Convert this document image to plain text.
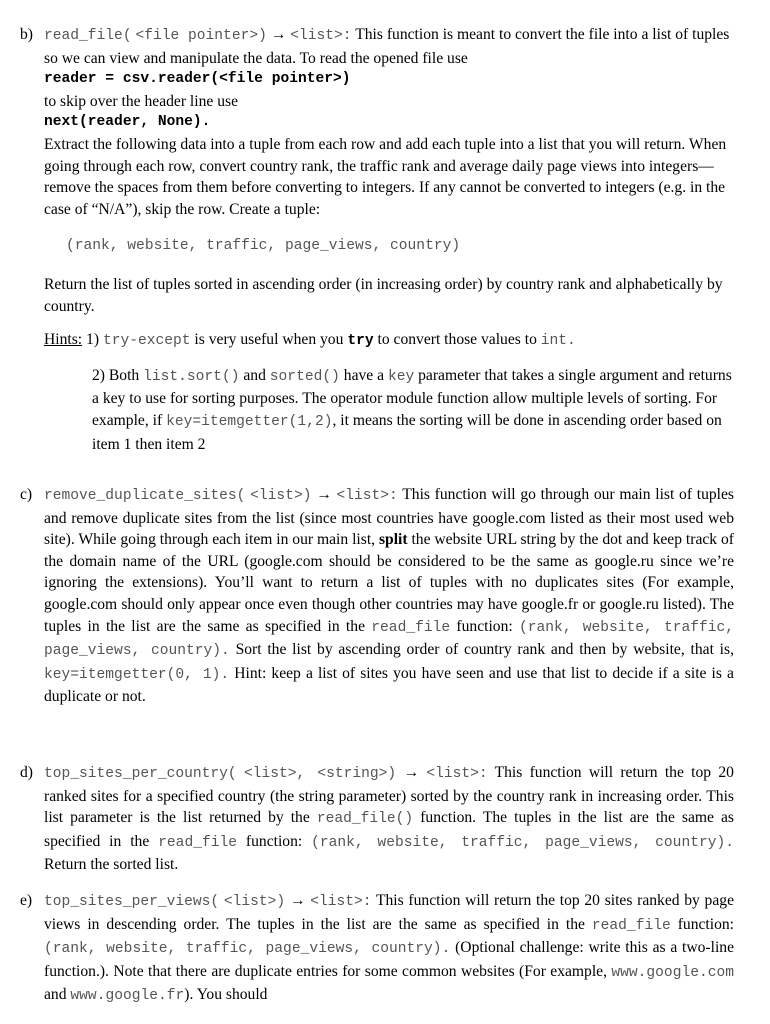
b) read_file( <file pointer>) → <list>: This function is meant to convert the file into a list of tuples so we can view and manipulate the data. To read the opened file use

reader = csv.reader(<file pointer>)

to skip over the header line use

next(reader, None).

Extract the following data into a tuple from each row and add each tuple into a list that you will return. When going through each row, convert country rank, the traffic rank and average daily page views into integers—remove the spaces from them before converting to integers. If any cannot be converted to integers (e.g. in the case of “N/A”), skip the row. Create a tuple:

(rank, website, traffic, page_views, country)

Return the list of tuples sorted in ascending order (in increasing order) by country rank and alphabetically by country.

Hints: 1) try-except is very useful when you try to convert those values to int.

2) Both list.sort() and sorted() have a key parameter that takes a single argument and returns a key to use for sorting purposes. The operator module function allow multiple levels of sorting. For example, if key=itemgetter(1,2), it means the sorting will be done in ascending order based on item 1 then item 2

c) remove_duplicate_sites( <list>) → <list>: This function will go through our main list of tuples and remove duplicate sites from the list (since most countries have google.com listed as their most used web site). While going through each item in our main list, split the website URL string by the dot and keep track of the domain name of the URL (google.com should be considered to be the same as google.ru since we’re ignoring the extensions). You’ll want to return a list of tuples with no duplicates sites (For example, google.com should only appear once even though other countries may have google.fr or google.ru listed). The tuples in the list are the same as specified in the read_file function: (rank, website, traffic, page_views, country). Sort the list by ascending order of country rank and then by website, that is, key=itemgetter(0, 1). Hint: keep a list of sites you have seen and use that list to decide if a site is a duplicate or not.

d) top_sites_per_country( <list>, <string>) → <list>: This function will return the top 20 ranked sites for a specified country (the string parameter) sorted by the country rank in increasing order. This list parameter is the list returned by the read_file() function. The tuples in the list are the same as specified in the read_file function: (rank, website, traffic, page_views, country). Return the sorted list.

e) top_sites_per_views( <list>) → <list>: This function will return the top 20 sites ranked by page views in descending order. The tuples in the list are the same as specified in the read_file function: (rank, website, traffic, page_views, country). (Optional challenge: write this as a two-line function.). Note that there are duplicate entries for some common websites (For example, www.google.com and www.google.fr). You should
